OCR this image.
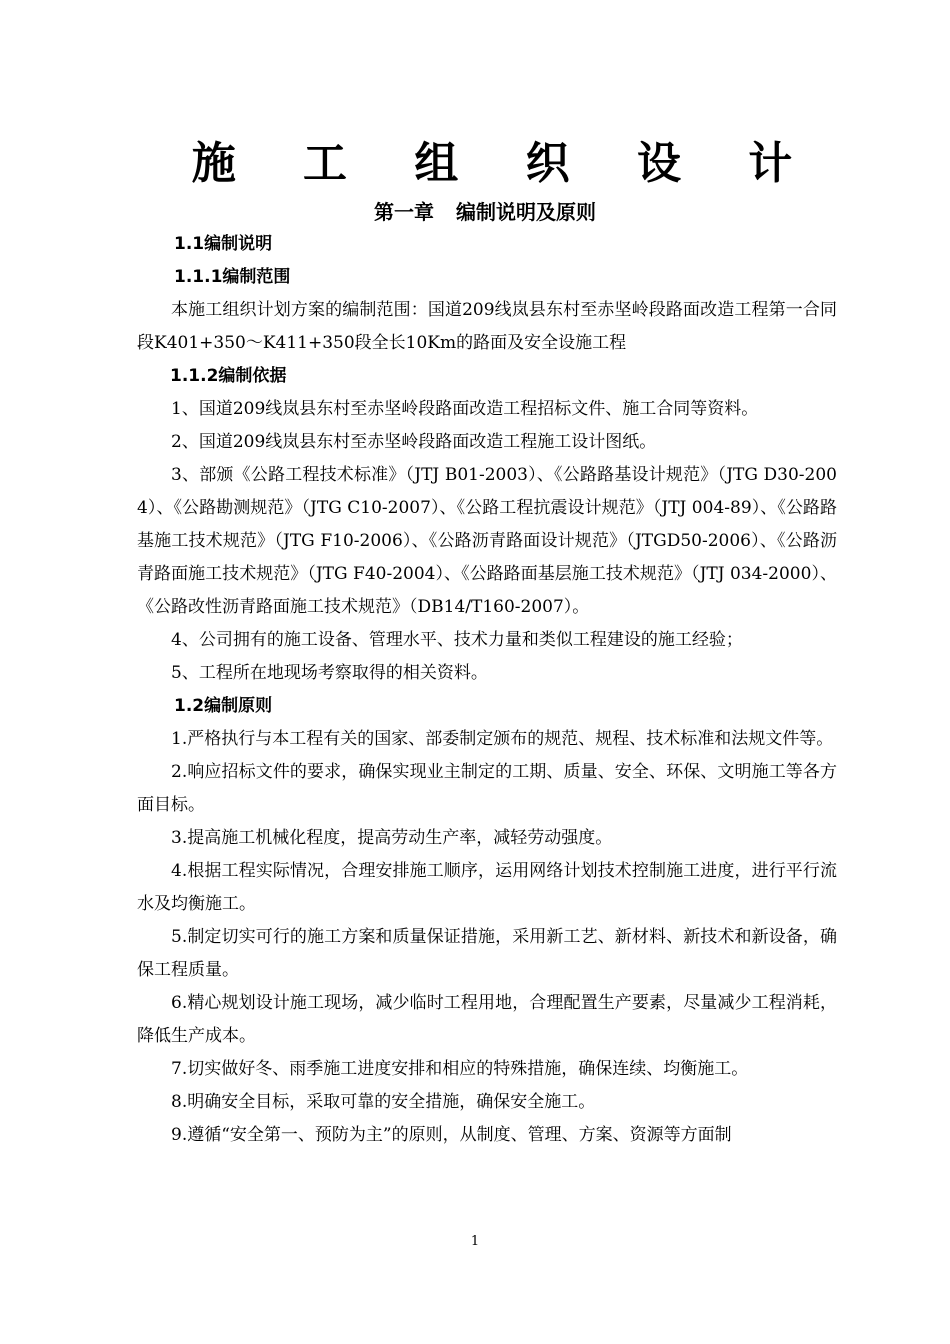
施 工 组 织 设 计
第一章 编制说明及原则
1.1编制说明
1.1.1编制范围

本施工组织计划方案的编制范围：国道209线岚县东村至赤坚岭段路面改造工程第一合同段K401+350～K411+350段全长10Km的路面及安全设施工程

1.1.2编制依据

1、国道209线岚县东村至赤坚岭段路面改造工程招标文件、施工合同等资料。

2、国道209线岚县东村至赤坚岭段路面改造工程施工设计图纸。

3、部颁《公路工程技术标准》（JTJ B01-2003）、《公路路基设计规范》（JTG D30-2004）、《公路勘测规范》（JTG C10-2007）、《公路工程抗震设计规范》（JTJ 004-89）、《公路路基施工技术规范》（JTG F10-2006）、《公路沥青路面设计规范》（JTGD50-2006）、《公路沥青路面施工技术规范》（JTG F40-2004）、《公路路面基层施工技术规范》（JTJ 034-2000）、《公路改性沥青路面施工技术规范》（DB14/T160-2007）。

4、公司拥有的施工设备、管理水平、技术力量和类似工程建设的施工经验；

5、工程所在地现场考察取得的相关资料。

1.2编制原则

1.严格执行与本工程有关的国家、部委制定颁布的规范、规程、技术标准和法规文件等。

2.响应招标文件的要求，确保实现业主制定的工期、质量、安全、环保、文明施工等各方面目标。

3.提高施工机械化程度，提高劳动生产率，减轻劳动强度。

4.根据工程实际情况，合理安排施工顺序，运用网络计划技术控制施工进度，进行平行流水及均衡施工。

5.制定切实可行的施工方案和质量保证措施，采用新工艺、新材料、新技术和新设备，确保工程质量。

6.精心规划设计施工现场，减少临时工程用地，合理配置生产要素，尽量减少工程消耗，降低生产成本。

7.切实做好冬、雨季施工进度安排和相应的特殊措施，确保连续、均衡施工。

8.明确安全目标，采取可靠的安全措施，确保安全施工。

9.遵循“安全第一、预防为主”的原则，从制度、管理、方案、资源等方面制

1
